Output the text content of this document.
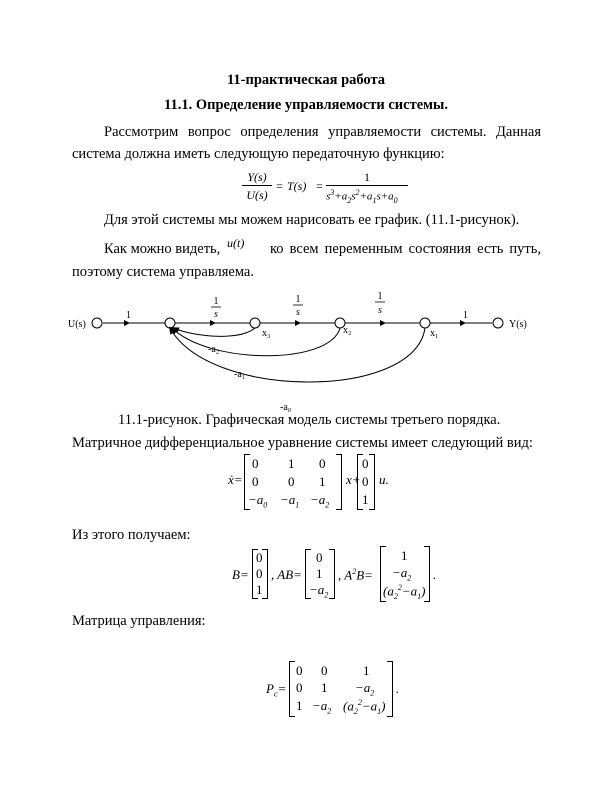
11-практическая работа
11.1. Определение управляемости системы.
Рассмотрим вопрос определения управляемости системы. Данная
система должна иметь следующую передаточную функцию:
Y(s)
U(s)
= T(s) =
1
$s^3+a_2s^2+a_1s+a_0$
Для этой системы мы можем нарисовать ее график. (11.1-рисунок).
Как можно видеть, u(t) ко всем переменным состояния есть путь,
поэтому система управляема.
U(s)	Y(s)
1	1
1
s
1
s
1
s
x₃	x₂	x₁
-a₂
-a₁
-a₀
11.1-рисунок. Графическая модель системы третьего порядка.
Матричное дифференциальное уравнение системы имеет следующий вид:
ẋ=
0 1 0
0 0 1
$-a_0 -a_1 -a_2$
x+
0
0
1
u.
Из этого получаем:
B=
0
0
1
, AB=
0
1
$-a_2$
, $A^2B=$
1
$-a_2$
$(a_2^2-a_1)$
.
Матрица управления:
$P_c=$
0 0	1
0 $1 -a_2$
$1 -a_2$ $(a_2^2-a_1)$
.
